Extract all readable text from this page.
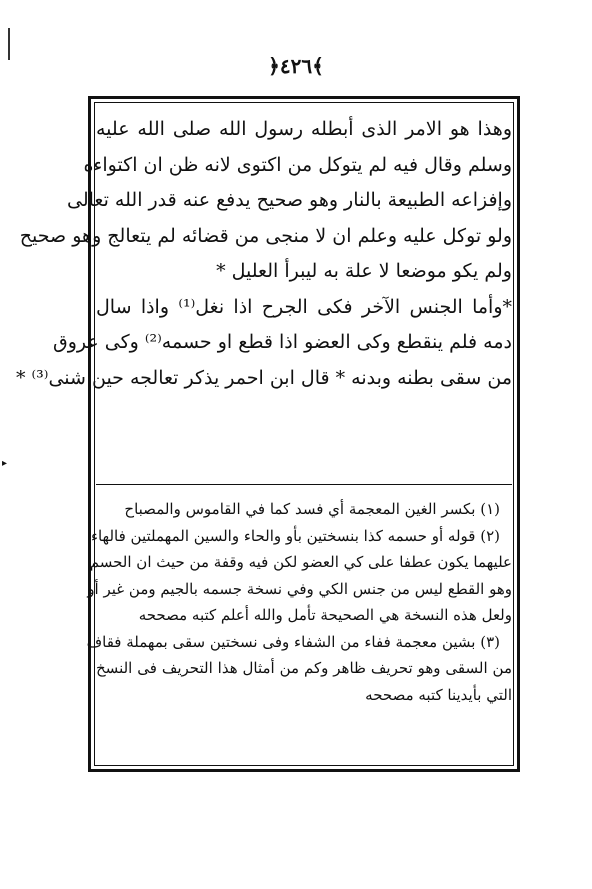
▸
﴿٤٢٦﴾
وهذا هو الامر الذى أبطله رسول الله صلى الله عليه
وسلم وقال فيه لم يتوكل من اكتوى لانه ظن ان اكتواءه
وإفزاعه الطبيعة بالنار وهو صحيح يدفع عنه قدر الله تعالى
ولو توكل عليه وعلم ان لا منجى من قضائه لم يتعالج وهو صحيح
ولم يكو موضعا لا علة به ليبرأ العليل *
*وأما الجنس الآخر فكى الجرح اذا نغل⁽¹⁾ واذا سال
دمه فلم ينقطع وكى العضو اذا قطع او حسمه⁽²⁾ وكى عروق
من سقى بطنه وبدنه * قال ابن احمر يذكر تعالجه حين شنى⁽³⁾ *
(١) بكسر الغين المعجمة أي فسد كما في القاموس والمصباح
(٢) قوله أو حسمه كذا بنسختين بأو والحاء والسين المهملتين فالهاء
عليهما يكون عطفا على كي العضو لكن فيه وقفة من حيث ان الحسم
وهو القطع ليس من جنس الكي وفي نسخة جسمه بالجيم ومن غير أو
ولعل هذه النسخة هي الصحيحة تأمل والله أعلم كتبه مصححه
(٣) بشين معجمة ففاء من الشفاء وفى نسختين سقى بمهملة فقاف
من السقى وهو تحريف ظاهر وكم من أمثال هذا التحريف فى النسخ
التي بأيدينا كتبه مصححه
